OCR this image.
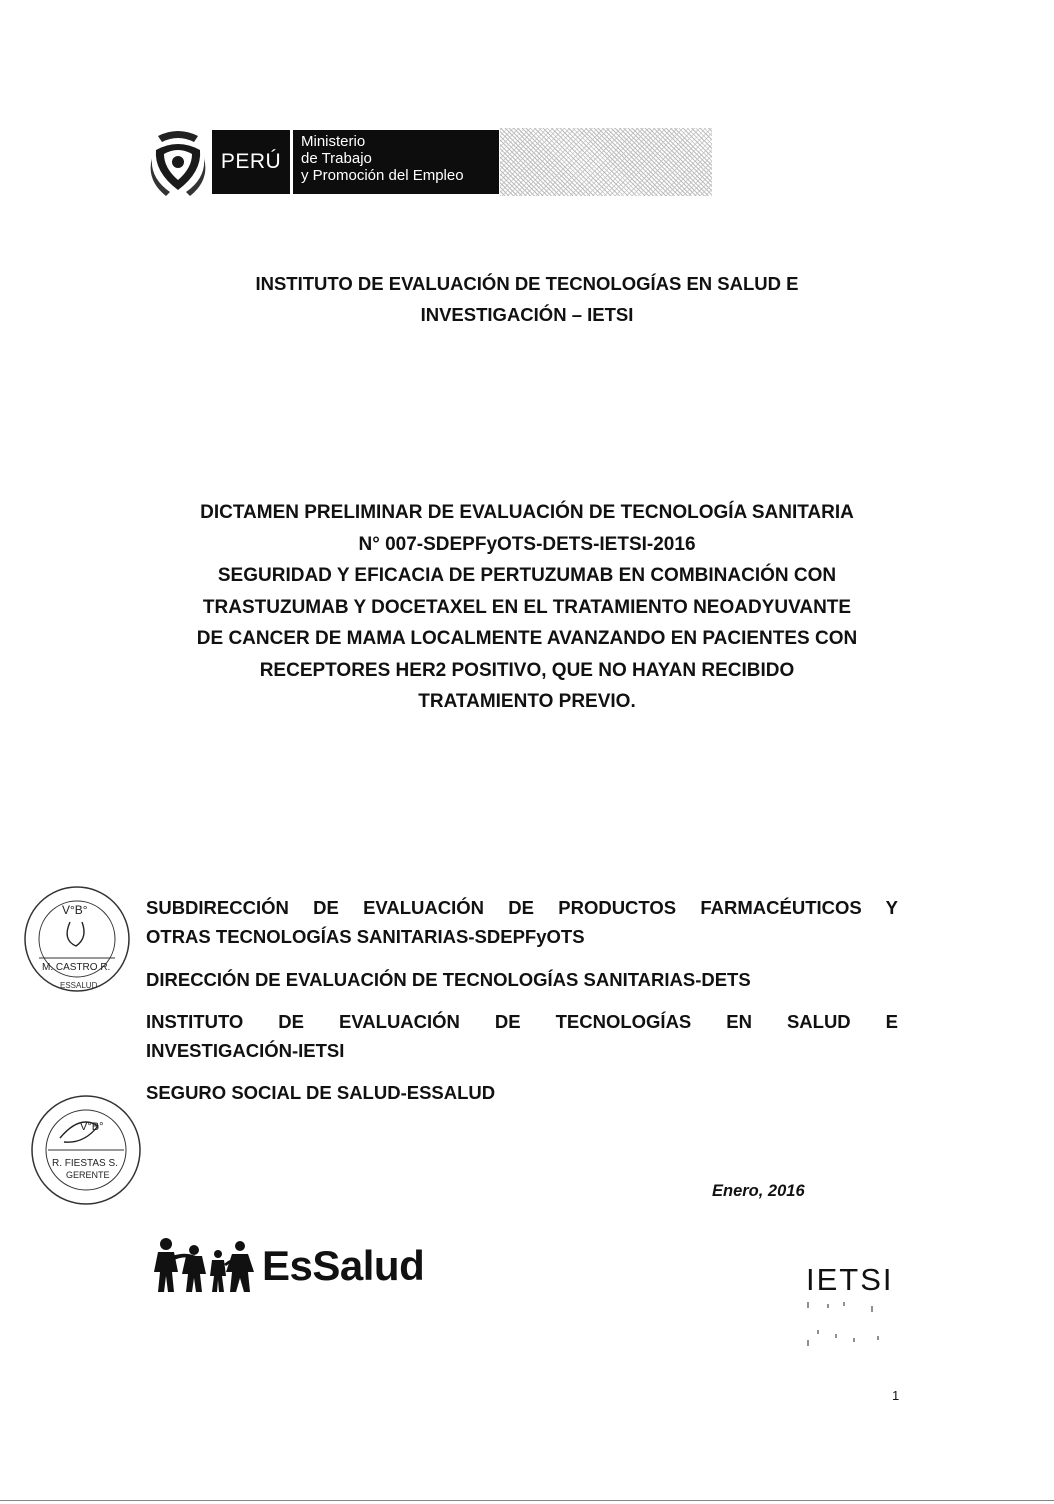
PERÚ
Ministerio
de Trabajo
y Promoción del Empleo
INSTITUTO DE EVALUACIÓN DE TECNOLOGÍAS EN SALUD E
INVESTIGACIÓN – IETSI
DICTAMEN PRELIMINAR DE EVALUACIÓN DE TECNOLOGÍA SANITARIA
N° 007-SDEPFyOTS-DETS-IETSI-2016
SEGURIDAD Y EFICACIA DE PERTUZUMAB EN COMBINACIÓN CON
TRASTUZUMAB Y DOCETAXEL EN EL TRATAMIENTO NEOADYUVANTE
DE CANCER DE MAMA LOCALMENTE AVANZANDO EN PACIENTES CON
RECEPTORES HER2 POSITIVO, QUE NO HAYAN RECIBIDO
TRATAMIENTO PREVIO.
SUBDIRECCIÓN DE EVALUACIÓN DE PRODUCTOS FARMACÉUTICOS Y
OTRAS TECNOLOGÍAS SANITARIAS-SDEPFyOTS
DIRECCIÓN DE EVALUACIÓN DE TECNOLOGÍAS SANITARIAS-DETS
INSTITUTO DE EVALUACIÓN DE TECNOLOGÍAS EN SALUD E
INVESTIGACIÓN-IETSI
SEGURO SOCIAL DE SALUD-ESSALUD
V°B°
M. CASTRO R.
ESSALUD
V°B°
R. FIESTAS S.
GERENTE
Enero, 2016
EsSalud	IETSI
1
